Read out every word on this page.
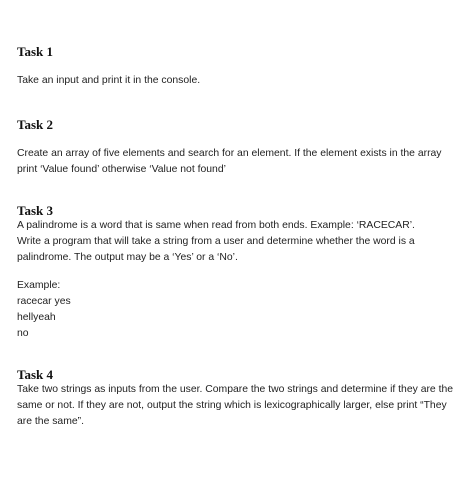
Task 1
Take an input and print it in the console.
Task 2
Create an array of five elements and search for an element. If the element exists in the array
print ‘Value found’ otherwise ‘Value not found’
Task 3
A palindrome is a word that is same when read from both ends. Example: ‘RACECAR’.
Write a program that will take a string from a user and determine whether the word is a
palindrome. The output may be a ‘Yes’ or a ‘No’.
Example:
racecar yes
hellyeah
no
Task 4
Take two strings as inputs from the user. Compare the two strings and determine if they are the
same or not. If they are not, output the string which is lexicographically larger, else print “They
are the same”.
